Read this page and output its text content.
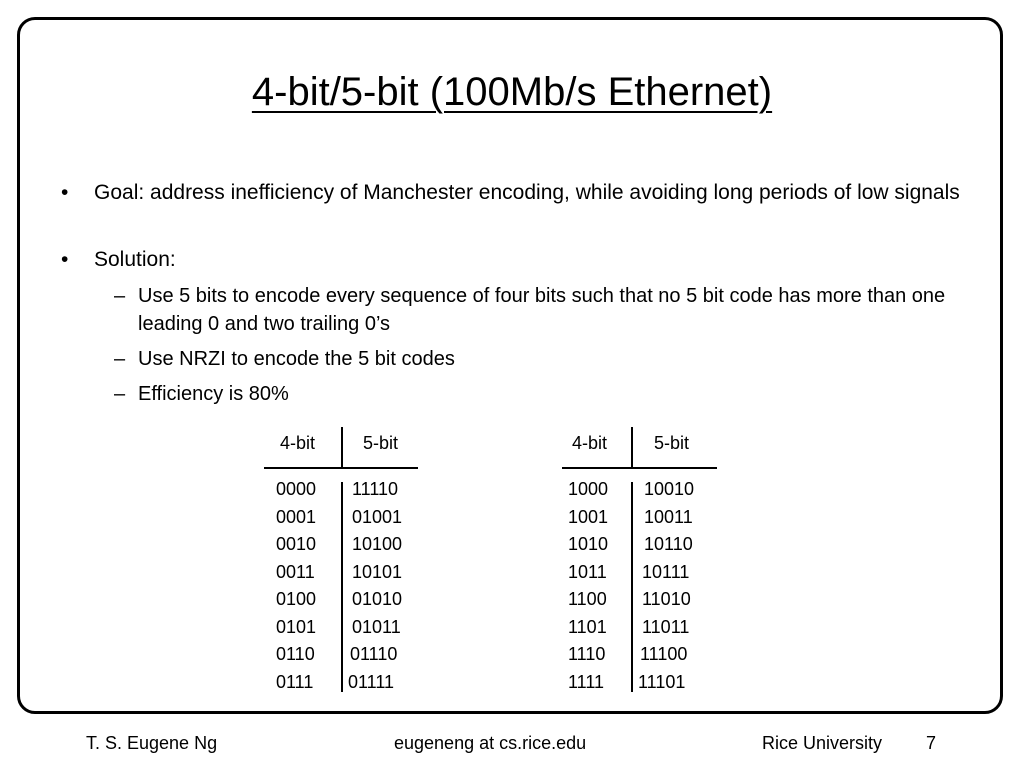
4-bit/5-bit (100Mb/s Ethernet)
• Goal: address inefficiency of Manchester encoding, while avoiding long periods of low signals
• Solution:
– Use 5 bits to encode every sequence of four bits such that no 5 bit code has more than one leading 0 and two trailing 0’s
– Use NRZI to encode the 5 bit codes
– Efficiency is 80%
4-bit	5-bit
0000 11110
0001 01001
0010 10100
0011 10101
0100 01010
0101 01011
0110 01110
0111 01111
4-bit	5-bit
1000 10010
1001 10011
1010 10110
1011 10111
1100 11010
1101 11011
1110 11100
1111 11101
T. S. Eugene Ng	eugeneng at cs.rice.edu	Rice University 7
